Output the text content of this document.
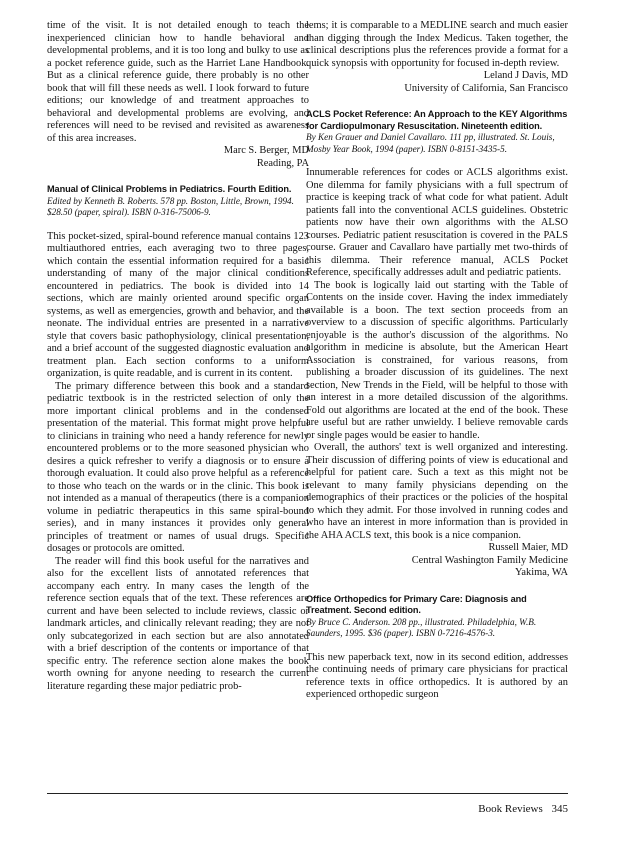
time of the visit. It is not detailed enough to teach the inexperienced clinician how to handle behavioral and developmental problems, and it is too long and bulky to use as a pocket reference guide, such as the Harriet Lane Handbook. But as a clinical reference guide, there probably is no other book that will fill these needs as well. I look forward to future editions; our knowledge of and treatment approaches to behavioral and developmental problems are evolving, and references will need to be revised and revisited as awareness of this area increases.

Marc S. Berger, MD

Reading, PA

Manual of Clinical Problems in Pediatrics. Fourth Edition.

Edited by Kenneth B. Roberts. 578 pp. Boston, Little, Brown, 1994. $28.50 (paper, spiral). ISBN 0-316-75006-9.

This pocket-sized, spiral-bound reference manual contains 123 multiauthored entries, each averaging two to three pages, which contain the essential information required for a basic understanding of many of the major clinical conditions encountered in pediatrics. The book is divided into 14 sections, which are mainly oriented around specific organ systems, as well as emergencies, growth and behavior, and the neonate. The individual entries are presented in a narrative style that covers basic pathophysiology, clinical presentation, and a brief account of the suggested diagnostic evaluation and treatment plan. Each section conforms to a uniform organization, is quite readable, and is current in its content.

The primary difference between this book and a standard pediatric textbook is in the restricted selection of only the more important clinical problems and in the condensed presentation of the material. This format might prove helpful to clinicians in training who need a handy reference for newly encountered problems or to the more seasoned physician who desires a quick refresher to verify a diagnosis or to ensure a thorough evaluation. It could also prove helpful as a reference to those who teach on the wards or in the clinic. This book is not intended as a manual of therapeutics (there is a companion volume in pediatric therapeutics in this same spiral-bound series), and in many instances it provides only general principles of treatment or names of usual drugs. Specific dosages or protocols are omitted.

The reader will find this book useful for the narratives and also for the excellent lists of annotated references that accompany each entry. In many cases the length of the reference section equals that of the text. These references are current and have been selected to include reviews, classic or landmark articles, and clinically relevant reading; they are not only subcategorized in each section but are also annotated with a brief description of the contents or importance of that specific entry. The reference section alone makes the book worth owning for anyone needing to research the current literature regarding these major pediatric prob-

lems; it is comparable to a MEDLINE search and much easier than digging through the Index Medicus. Taken together, the clinical descriptions plus the references provide a format for a quick synopsis with opportunity for focused in-depth review.

Leland J Davis, MD

University of California, San Francisco

ACLS Pocket Reference: An Approach to the KEY Algorithms for Cardiopulmonary Resuscitation. Nineteenth edition.

By Ken Grauer and Daniel Cavallaro. 111 pp, illustrated. St. Louis, Mosby Year Book, 1994 (paper). ISBN 0-8151-3435-5.

Innumerable references for codes or ACLS algorithms exist. One dilemma for family physicians with a full spectrum of practice is keeping track of what code for what patient. Adult patients fall into the conventional ACLS guidelines. Obstetric patients now have their own algorithms with the ALSO courses. Pediatric patient resuscitation is covered in the PALS course. Grauer and Cavallaro have partially met two-thirds of this dilemma. Their reference manual, ACLS Pocket Reference, specifically addresses adult and pediatric patients.

The book is logically laid out starting with the Table of Contents on the inside cover. Having the index immediately available is a boon. The text section proceeds from an overview to a discussion of specific algorithms. Particularly enjoyable is the author's discussion of the algorithms. No algorithm in medicine is absolute, but the American Heart Association is constrained, for various reasons, from publishing a broader discussion of its guidelines. The next section, New Trends in the Field, will be helpful to those with an interest in a more detailed discussion of the algorithms. Fold out algorithms are located at the end of the book. These are useful but are rather unwieldy. I believe removable cards or single pages would be easier to handle.

Overall, the authors' text is well organized and interesting. Their discussion of differing points of view is educational and helpful for patient care. Such a text as this might not be relevant to many family physicians depending on the demographics of their practices or the policies of the hospital to which they admit. For those involved in running codes and who have an interest in more information than is provided in the AHA ACLS text, this book is a nice companion.

Russell Maier, MD

Central Washington Family Medicine

Yakima, WA

Office Orthopedics for Primary Care: Diagnosis and Treatment. Second edition.

By Bruce C. Anderson. 208 pp., illustrated. Philadelphia, W.B. Saunders, 1995. $36 (paper). ISBN 0-7216-4576-3.

This new paperback text, now in its second edition, addresses the continuing needs of primary care physicians for practical reference texts in office orthopedics. It is authored by an experienced orthopedic surgeon

Book Reviews 345
